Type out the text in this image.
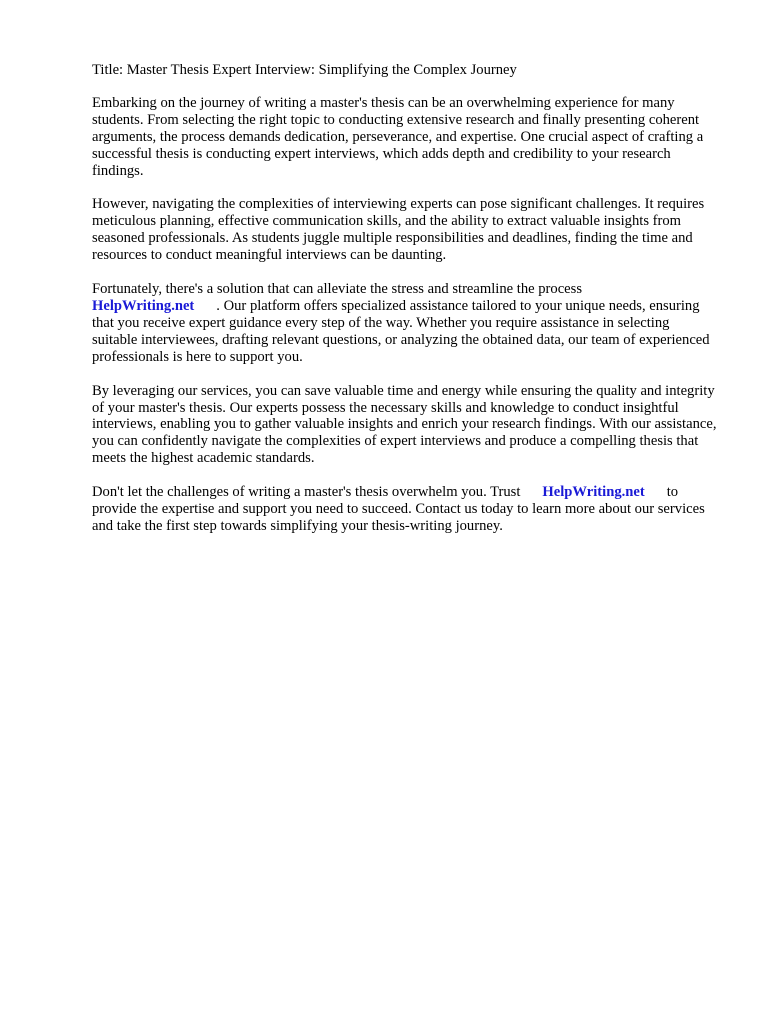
Title: Master Thesis Expert Interview: Simplifying the Complex Journey

Embarking on the journey of writing a master's thesis can be an overwhelming experience for many students. From selecting the right topic to conducting extensive research and finally presenting coherent arguments, the process demands dedication, perseverance, and expertise. One crucial aspect of crafting a successful thesis is conducting expert interviews, which adds depth and credibility to your research findings.

However, navigating the complexities of interviewing experts can pose significant challenges. It requires meticulous planning, effective communication skills, and the ability to extract valuable insights from seasoned professionals. As students juggle multiple responsibilities and deadlines, finding the time and resources to conduct meaningful interviews can be daunting.

Fortunately, there's a solution that can alleviate the stress and streamline the process
HelpWriting.net . Our platform offers specialized assistance tailored to your unique needs, ensuring that you receive expert guidance every step of the way. Whether you require assistance in selecting suitable interviewees, drafting relevant questions, or analyzing the obtained data, our team of experienced professionals is here to support you.

By leveraging our services, you can save valuable time and energy while ensuring the quality and integrity of your master's thesis. Our experts possess the necessary skills and knowledge to conduct insightful interviews, enabling you to gather valuable insights and enrich your research findings. With our assistance, you can confidently navigate the complexities of expert interviews and produce a compelling thesis that meets the highest academic standards.

Don't let the challenges of writing a master's thesis overwhelm you. Trust HelpWriting.net to provide the expertise and support you need to succeed. Contact us today to learn more about our services and take the first step towards simplifying your thesis-writing journey.
